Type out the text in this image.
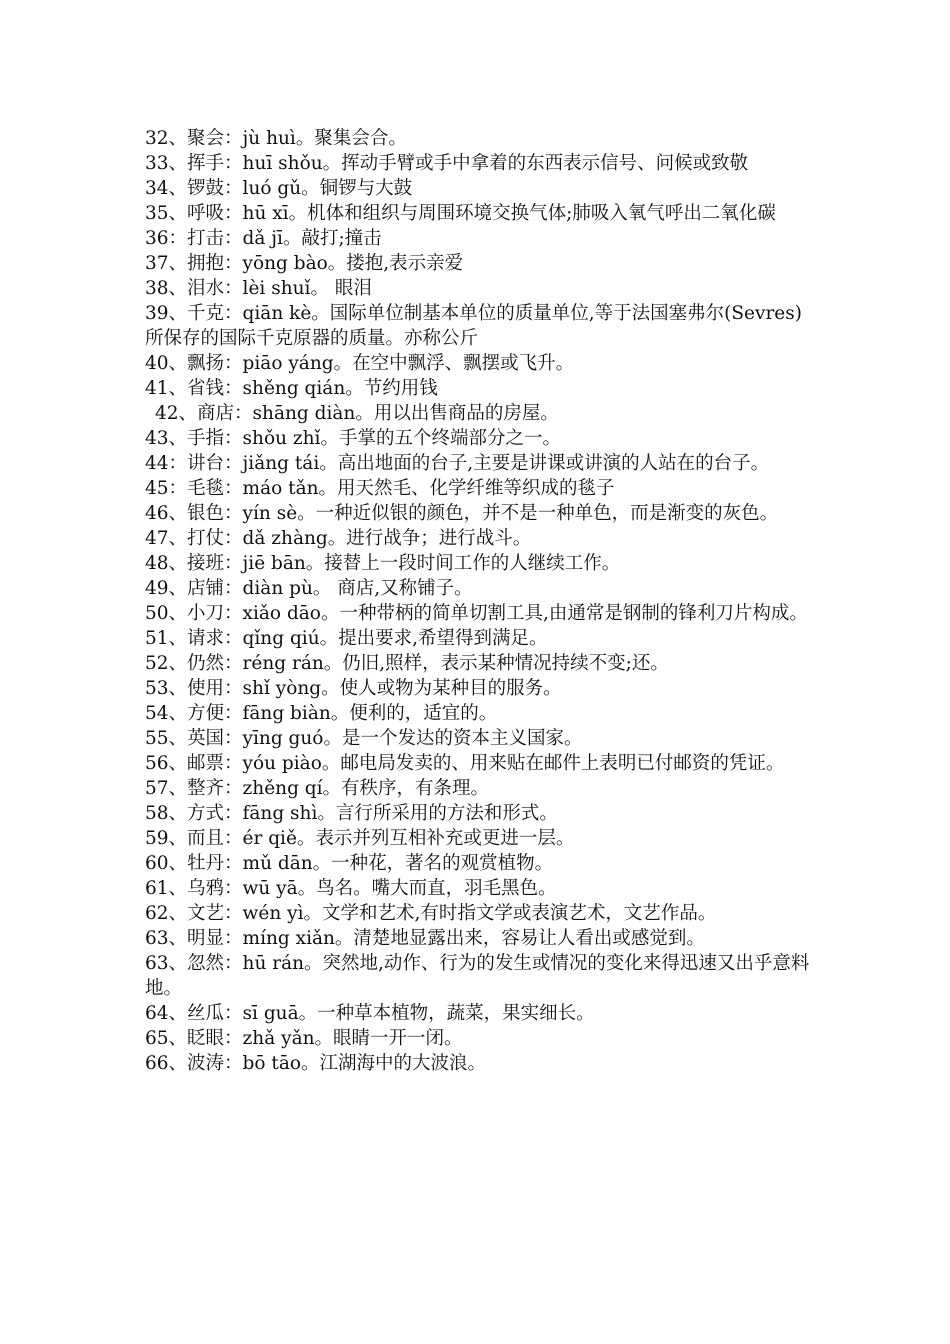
32、聚会：jù huì。聚集会合。

33、挥手：huī shǒu。挥动手臂或手中拿着的东西表示信号、问候或致敬

34、锣鼓：luó gǔ。铜锣与大鼓

35、呼吸：hū xī。机体和组织与周围环境交换气体;肺吸入氧气呼出二氧化碳

36：打击：dǎ jī。敲打;撞击

37、拥抱：yōng bào。搂抱,表示亲爱

38、泪水：lèi shuǐ。 眼泪

39、千克：qiān kè。国际单位制基本单位的质量单位,等于法国塞弗尔(Sevres)所保存的国际千克原器的质量。亦称公斤

40、飘扬：piāo yáng。在空中飘浮、飘摆或飞升。

41、省钱：shěng qián。节约用钱

42、商店：shāng diàn。用以出售商品的房屋。

43、手指：shǒu zhǐ。手掌的五个终端部分之一。

44：讲台：jiǎng tái。高出地面的台子,主要是讲课或讲演的人站在的台子。

45：毛毯：máo tǎn。用天然毛、化学纤维等织成的毯子

46、银色：yín sè。一种近似银的颜色，并不是一种单色，而是渐变的灰色。

47、打仗：dǎ zhàng。进行战争；进行战斗。

48、接班：jiē bān。接替上一段时间工作的人继续工作。

49、店铺：diàn pù。 商店,又称铺子。

50、小刀：xiǎo dāo。一种带柄的简单切割工具,由通常是钢制的锋利刀片构成。

51、请求：qǐng qiú。提出要求,希望得到满足。

52、仍然：réng rán。仍旧,照样，表示某种情况持续不变;还。

53、使用：shǐ yòng。使人或物为某种目的服务。

54、方便：fāng biàn。便利的，适宜的。

55、英国：yīng guó。是一个发达的资本主义国家。

56、邮票：yóu piào。邮电局发卖的、用来贴在邮件上表明已付邮资的凭证。

57、整齐：zhěng qí。有秩序，有条理。

58、方式：fāng shì。言行所采用的方法和形式。

59、而且：ér qiě。表示并列互相补充或更进一层。

60、牡丹：mǔ dān。一种花，著名的观赏植物。

61、乌鸦：wū yā。鸟名。嘴大而直，羽毛黑色。

62、文艺：wén yì。文学和艺术,有时指文学或表演艺术，文艺作品。

63、明显：míng xiǎn。清楚地显露出来，容易让人看出或感觉到。

63、忽然：hū rán。突然地,动作、行为的发生或情况的变化来得迅速又出乎意料地。

64、丝瓜：sī guā。一种草本植物，蔬菜，果实细长。

65、眨眼：zhǎ yǎn。眼睛一开一闭。

66、波涛：bō tāo。江湖海中的大波浪。
